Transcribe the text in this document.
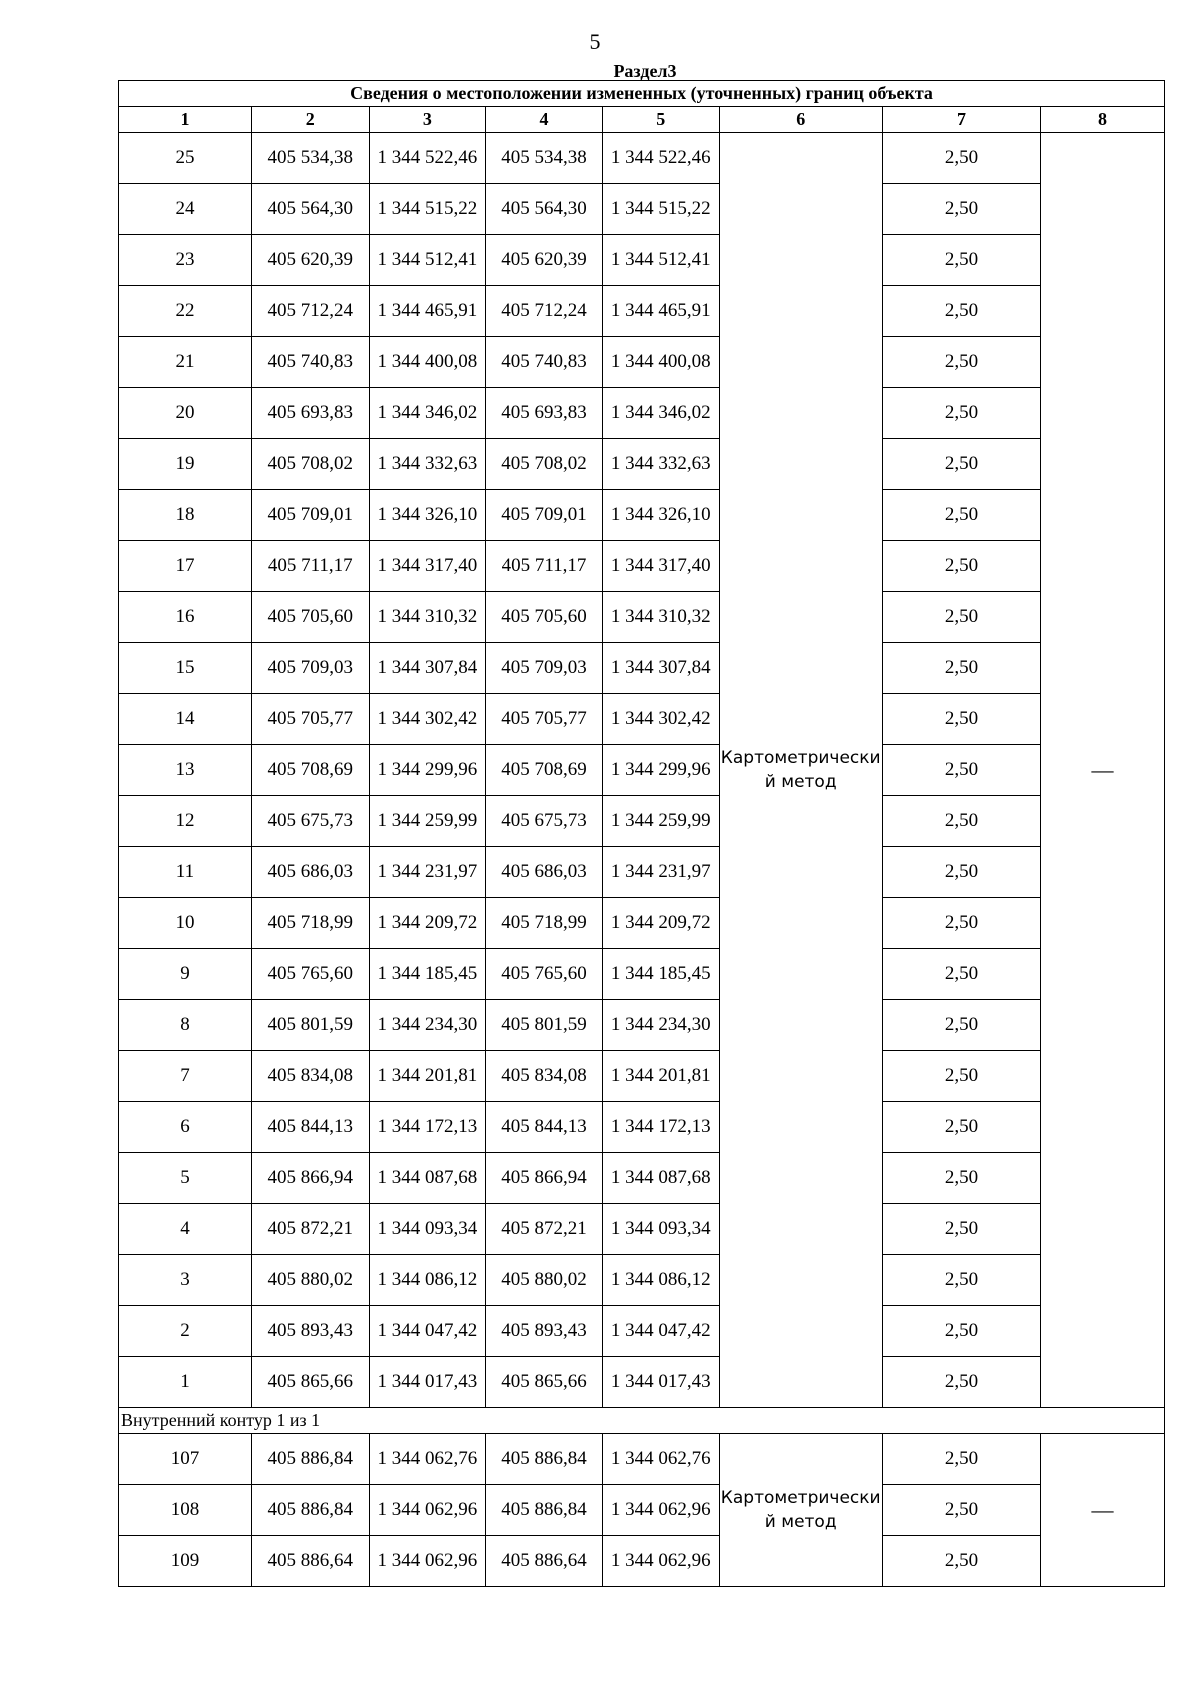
5
Раздел3
Сведения о местоположении измененных (уточненных) границ объекта							
1	2	3	4	5	6	7	8
25	405 534,38	1 344 522,46	405 534,38	1 344 522,46	Картометрически й метод	2,50	—
24	405 564,30	1 344 515,22	405 564,30	1 344 515,22		2,50	
23	405 620,39	1 344 512,41	405 620,39	1 344 512,41		2,50	
22	405 712,24	1 344 465,91	405 712,24	1 344 465,91		2,50	
21	405 740,83	1 344 400,08	405 740,83	1 344 400,08		2,50	
20	405 693,83	1 344 346,02	405 693,83	1 344 346,02		2,50	
19	405 708,02	1 344 332,63	405 708,02	1 344 332,63		2,50	
18	405 709,01	1 344 326,10	405 709,01	1 344 326,10		2,50	
17	405 711,17	1 344 317,40	405 711,17	1 344 317,40		2,50	
16	405 705,60	1 344 310,32	405 705,60	1 344 310,32		2,50	
15	405 709,03	1 344 307,84	405 709,03	1 344 307,84		2,50	
14	405 705,77	1 344 302,42	405 705,77	1 344 302,42		2,50	
13	405 708,69	1 344 299,96	405 708,69	1 344 299,96		2,50	
12	405 675,73	1 344 259,99	405 675,73	1 344 259,99		2,50	
11	405 686,03	1 344 231,97	405 686,03	1 344 231,97		2,50	
10	405 718,99	1 344 209,72	405 718,99	1 344 209,72		2,50	
9	405 765,60	1 344 185,45	405 765,60	1 344 185,45		2,50	
8	405 801,59	1 344 234,30	405 801,59	1 344 234,30		2,50	
7	405 834,08	1 344 201,81	405 834,08	1 344 201,81		2,50	
6	405 844,13	1 344 172,13	405 844,13	1 344 172,13		2,50	
5	405 866,94	1 344 087,68	405 866,94	1 344 087,68		2,50	
4	405 872,21	1 344 093,34	405 872,21	1 344 093,34		2,50	
3	405 880,02	1 344 086,12	405 880,02	1 344 086,12		2,50	
2	405 893,43	1 344 047,42	405 893,43	1 344 047,42		2,50	
1	405 865,66	1 344 017,43	405 865,66	1 344 017,43		2,50	
Внутренний контур 1 из 1							
107	405 886,84	1 344 062,76	405 886,84	1 344 062,76	Картометрически й метод	2,50	—
108	405 886,84	1 344 062,96	405 886,84	1 344 062,96		2,50	
109	405 886,64	1 344 062,96	405 886,64	1 344 062,96		2,50	
